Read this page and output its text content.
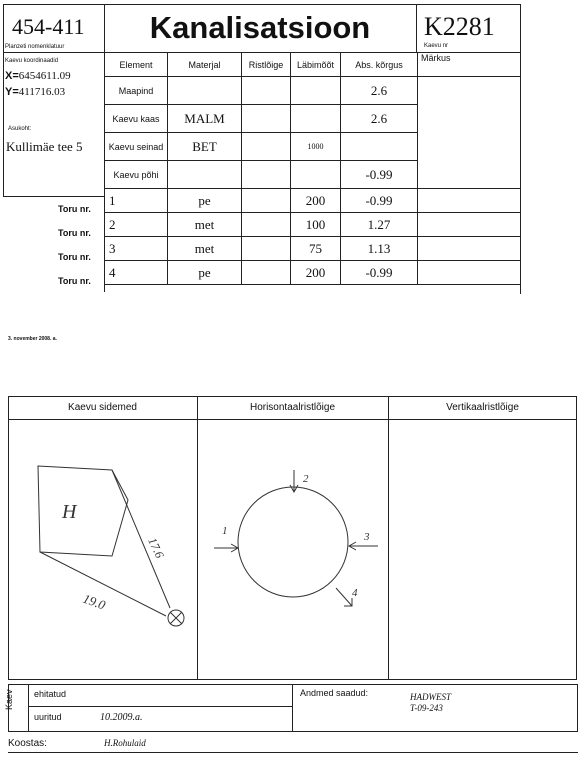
454-411
Planzeti nomenklatuur
Kanalisatsioon	K2281
Kaevu nr
Kaevu koordinaadid
X=6454611.09
Y=411716.03
Asukoht:
Kullimäe tee 5
Element	Materjal	Ristlõige	Läbimõõt	Abs. kõrgus	Märkus
Maapind				2.6	
Kaevu kaas	MALM			2.6	
Kaevu seinad	BET		1000		
Kaevu põhi				-0.99	
1	pe		200	-0.99	
2	met		100	1.27	
3	met		75	1.13	
4	pe		200	-0.99	
Toru nr.
Toru nr.
Toru nr.
Toru nr.
3. november 2008. a.
Kaevu sidemed	Horisontaalristlõige	Vertikaalristlõige
H
17.6
19.0
1
2
3
4
Kaev ehitatud
uuritud	10.2009.a.
Andmed saadud:	HADWEST
T-09-243
Koostas:	H.Rohulaid
